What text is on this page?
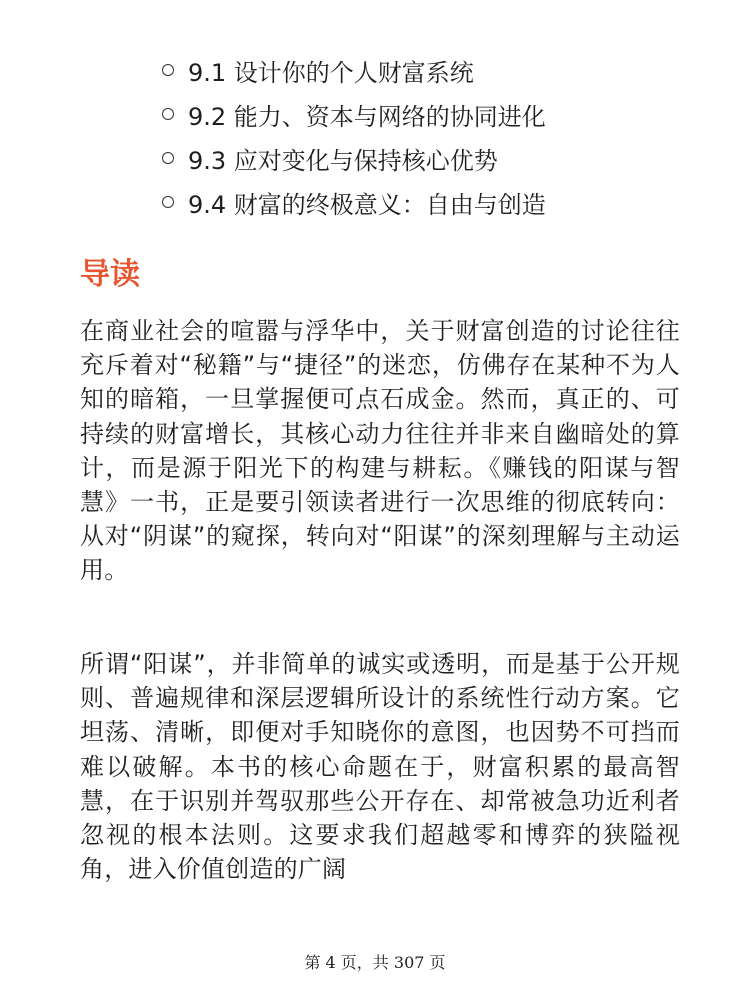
9.1 设计你的个人财富系统
9.2 能力、资本与网络的协同进化
9.3 应对变化与保持核心优势
9.4 财富的终极意义：自由与创造
导读

在商业社会的喧嚣与浮华中，关于财富创造的讨论往往充斥着对“秘籍”与“捷径”的迷恋，仿佛存在某种不为人知的暗箱，一旦掌握便可点石成金。然而，真正的、可持续的财富增长，其核心动力往往并非来自幽暗处的算计，而是源于阳光下的构建与耕耘。《赚钱的阳谋与智慧》一书，正是要引领读者进行一次思维的彻底转向：从对“阴谋”的窥探，转向对“阳谋”的深刻理解与主动运用。

所谓“阳谋”，并非简单的诚实或透明，而是基于公开规则、普遍规律和深层逻辑所设计的系统性行动方案。它坦荡、清晰，即便对手知晓你的意图，也因势不可挡而难以破解。本书的核心命题在于，财富积累的最高智慧，在于识别并驾驭那些公开存在、却常被急功近利者忽视的根本法则。这要求我们超越零和博弈的狭隘视角，进入价值创造的广阔

第 4 页，共 307 页
